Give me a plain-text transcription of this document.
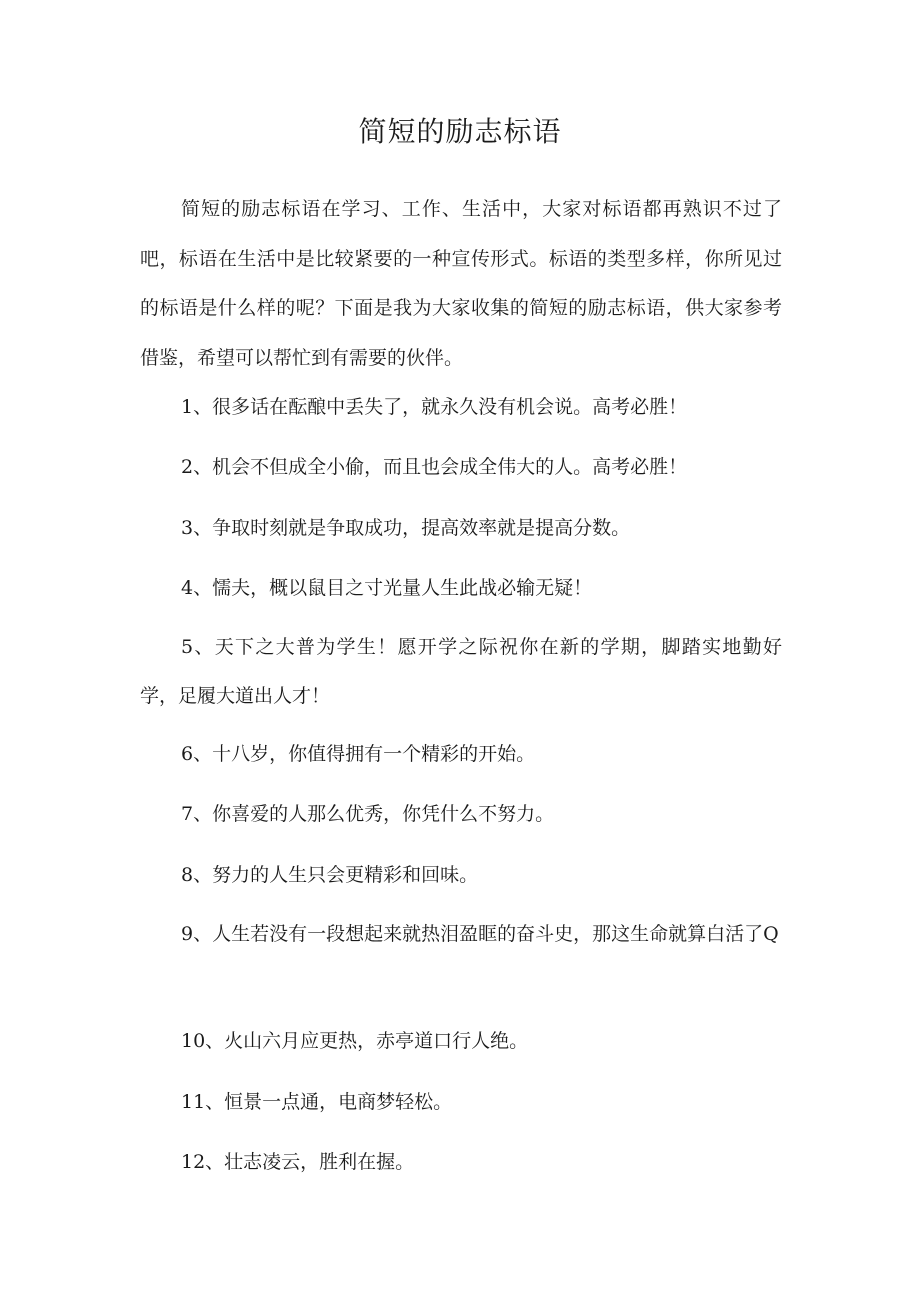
简短的励志标语

简短的励志标语在学习、工作、生活中，大家对标语都再熟识不过了吧，标语在生活中是比较紧要的一种宣传形式。标语的类型多样，你所见过的标语是什么样的呢？下面是我为大家收集的简短的励志标语，供大家参考借鉴，希望可以帮忙到有需要的伙伴。

1、很多话在酝酿中丢失了，就永久没有机会说。高考必胜！

2、机会不但成全小偷，而且也会成全伟大的人。高考必胜！

3、争取时刻就是争取成功，提高效率就是提高分数。

4、懦夫，概以鼠目之寸光量人生此战必输无疑！

5、天下之大普为学生！愿开学之际祝你在新的学期，脚踏实地勤好学，足履大道出人才！

6、十八岁，你值得拥有一个精彩的开始。

7、你喜爱的人那么优秀，你凭什么不努力。

8、努力的人生只会更精彩和回味。

9、人生若没有一段想起来就热泪盈眶的奋斗史，那这生命就算白活了Q

10、火山六月应更热，赤亭道口行人绝。

11、恒景一点通，电商梦轻松。

12、壮志凌云，胜利在握。
